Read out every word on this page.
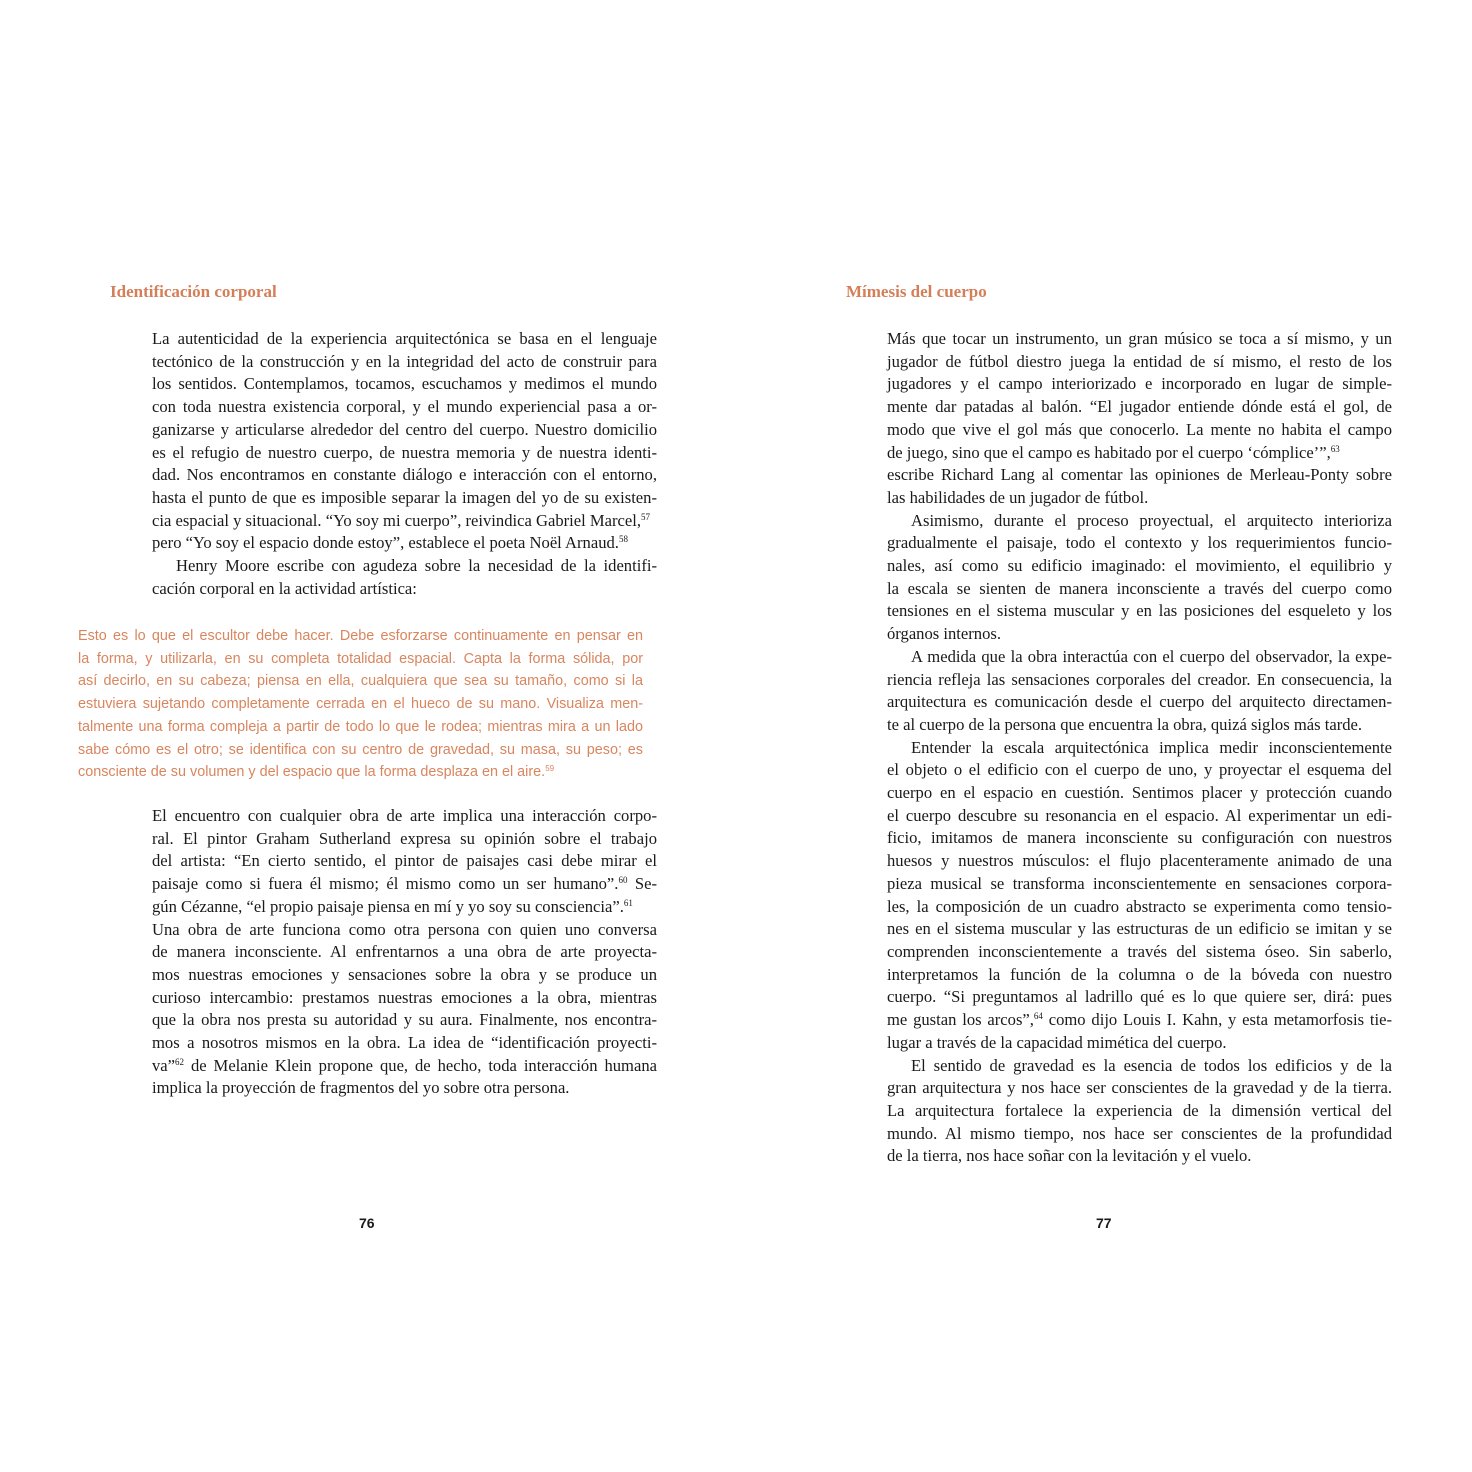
Identificación corporal
La autenticidad de la experiencia arquitectónica se basa en el lenguaje
tectónico de la construcción y en la integridad del acto de construir para
los sentidos. Contemplamos, tocamos, escuchamos y medimos el mundo
con toda nuestra existencia corporal, y el mundo experiencial pasa a or-
ganizarse y articularse alrededor del centro del cuerpo. Nuestro domicilio
es el refugio de nuestro cuerpo, de nuestra memoria y de nuestra identi-
dad. Nos encontramos en constante diálogo e interacción con el entorno,
hasta el punto de que es imposible separar la imagen del yo de su existen-
cia espacial y situacional. “Yo soy mi cuerpo”, reivindica Gabriel Marcel,$^{57}$
pero “Yo soy el espacio donde estoy”, establece el poeta Noël Arnaud.$^{58}$
Henry Moore escribe con agudeza sobre la necesidad de la identifi-
cación corporal en la actividad artística:
Esto es lo que el escultor debe hacer. Debe esforzarse continuamente en pensar en
la forma, y utilizarla, en su completa totalidad espacial. Capta la forma sólida, por
así decirlo, en su cabeza; piensa en ella, cualquiera que sea su tamaño, como si la
estuviera sujetando completamente cerrada en el hueco de su mano. Visualiza men-
talmente una forma compleja a partir de todo lo que le rodea; mientras mira a un lado
sabe cómo es el otro; se identifica con su centro de gravedad, su masa, su peso; es
consciente de su volumen y del espacio que la forma desplaza en el aire.$^{59}$
El encuentro con cualquier obra de arte implica una interacción corpo-
ral. El pintor Graham Sutherland expresa su opinión sobre el trabajo
del artista: “En cierto sentido, el pintor de paisajes casi debe mirar el
paisaje como si fuera él mismo; él mismo como un ser humano”.$^{60}$ Se-
gún Cézanne, “el propio paisaje piensa en mí y yo soy su consciencia”.$^{61}$
Una obra de arte funciona como otra persona con quien uno conversa
de manera inconsciente. Al enfrentarnos a una obra de arte proyecta-
mos nuestras emociones y sensaciones sobre la obra y se produce un
curioso intercambio: prestamos nuestras emociones a la obra, mientras
que la obra nos presta su autoridad y su aura. Finalmente, nos encontra-
mos a nosotros mismos en la obra. La idea de “identificación proyecti-
va”$^{62}$ de Melanie Klein propone que, de hecho, toda interacción humana
implica la proyección de fragmentos del yo sobre otra persona.
76
Mímesis del cuerpo
Más que tocar un instrumento, un gran músico se toca a sí mismo, y un
jugador de fútbol diestro juega la entidad de sí mismo, el resto de los
jugadores y el campo interiorizado e incorporado en lugar de simple-
mente dar patadas al balón. “El jugador entiende dónde está el gol, de
modo que vive el gol más que conocerlo. La mente no habita el campo
de juego, sino que el campo es habitado por el cuerpo ‘cómplice’”,$^{63}$
escribe Richard Lang al comentar las opiniones de Merleau-Ponty sobre
las habilidades de un jugador de fútbol.
Asimismo, durante el proceso proyectual, el arquitecto interioriza
gradualmente el paisaje, todo el contexto y los requerimientos funcio-
nales, así como su edificio imaginado: el movimiento, el equilibrio y
la escala se sienten de manera inconsciente a través del cuerpo como
tensiones en el sistema muscular y en las posiciones del esqueleto y los
órganos internos.
A medida que la obra interactúa con el cuerpo del observador, la expe-
riencia refleja las sensaciones corporales del creador. En consecuencia, la
arquitectura es comunicación desde el cuerpo del arquitecto directamen-
te al cuerpo de la persona que encuentra la obra, quizá siglos más tarde.
Entender la escala arquitectónica implica medir inconscientemente
el objeto o el edificio con el cuerpo de uno, y proyectar el esquema del
cuerpo en el espacio en cuestión. Sentimos placer y protección cuando
el cuerpo descubre su resonancia en el espacio. Al experimentar un edi-
ficio, imitamos de manera inconsciente su configuración con nuestros
huesos y nuestros músculos: el flujo placenteramente animado de una
pieza musical se transforma inconscientemente en sensaciones corpora-
les, la composición de un cuadro abstracto se experimenta como tensio-
nes en el sistema muscular y las estructuras de un edificio se imitan y se
comprenden inconscientemente a través del sistema óseo. Sin saberlo,
interpretamos la función de la columna o de la bóveda con nuestro
cuerpo. “Si preguntamos al ladrillo qué es lo que quiere ser, dirá: pues
me gustan los arcos”,$^{64}$ como dijo Louis I. Kahn, y esta metamorfosis tie-
lugar a través de la capacidad mimética del cuerpo.
El sentido de gravedad es la esencia de todos los edificios y de la
gran arquitectura y nos hace ser conscientes de la gravedad y de la tierra.
La arquitectura fortalece la experiencia de la dimensión vertical del
mundo. Al mismo tiempo, nos hace ser conscientes de la profundidad
de la tierra, nos hace soñar con la levitación y el vuelo.
77
